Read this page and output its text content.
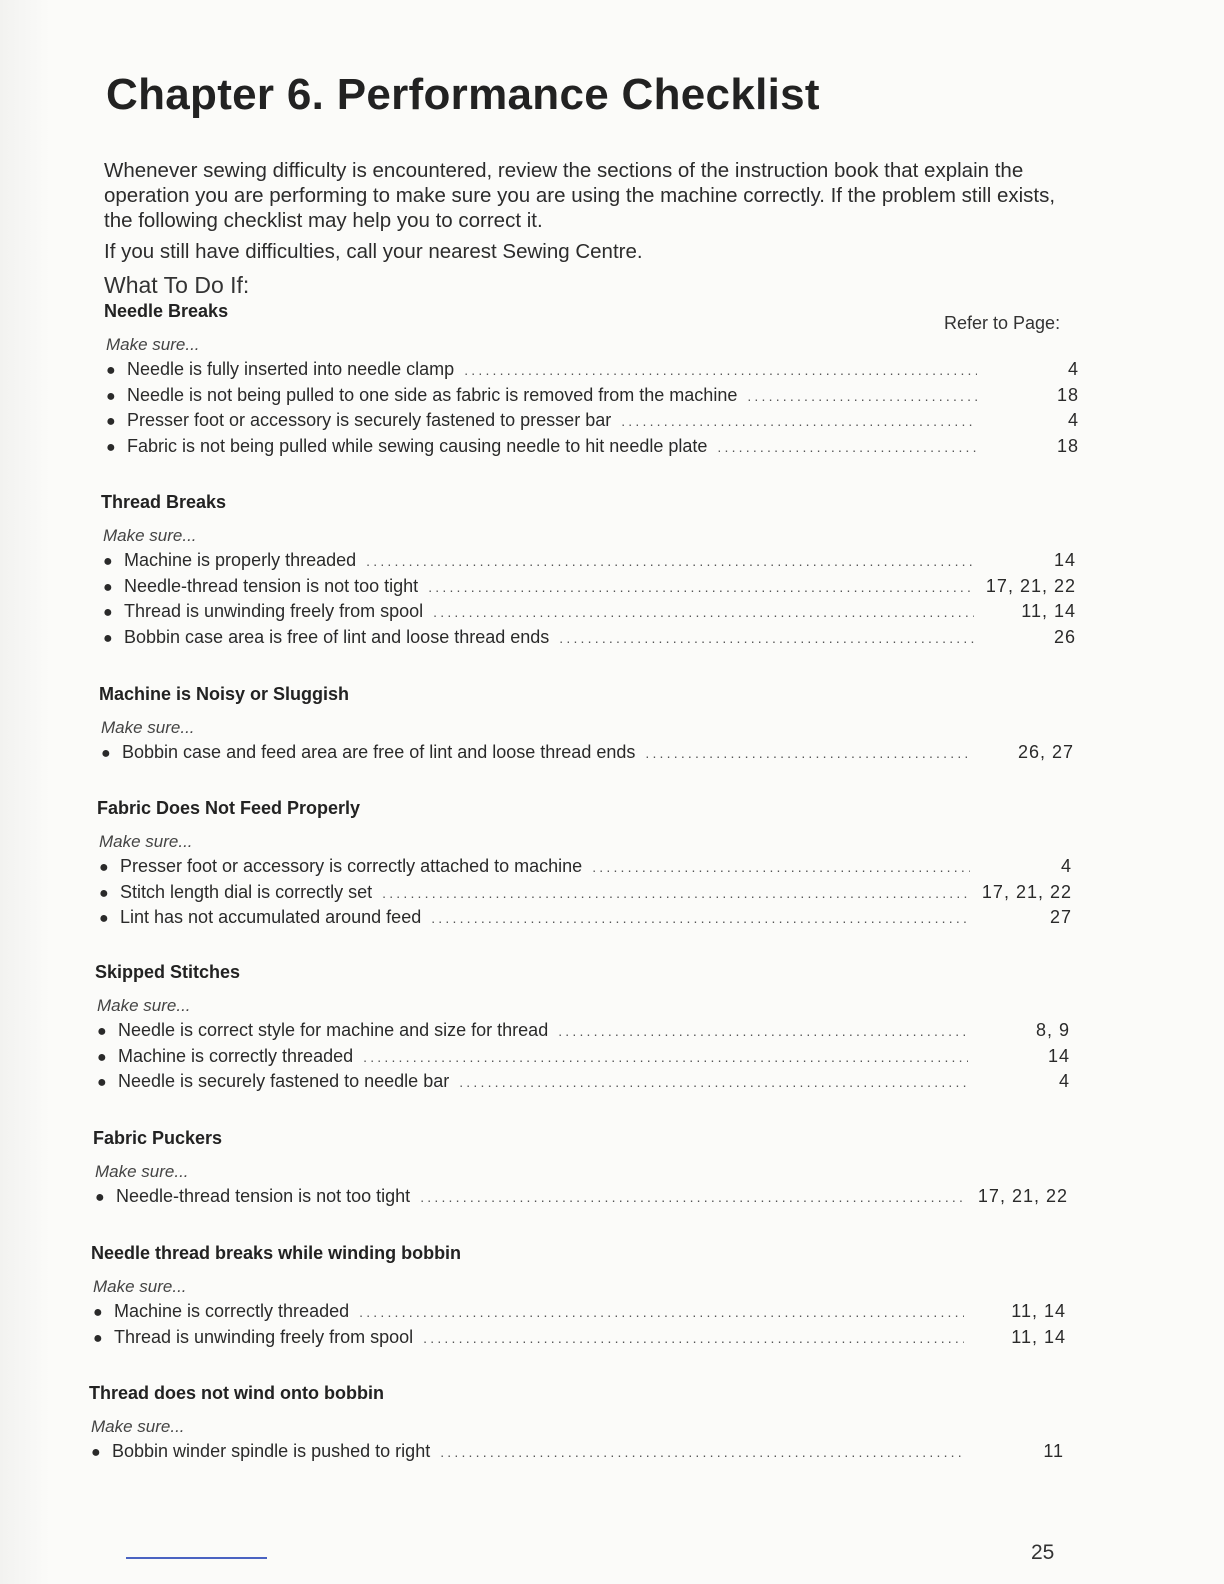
Chapter 6. Performance Checklist

Whenever sewing difficulty is encountered, review the sections of the instruction book that explain the operation you are performing to make sure you are using the machine correctly. If the problem still exists, the following checklist may help you to correct it.

If you still have difficulties, call your nearest Sewing Centre.

What To Do If:

Refer to Page:

Needle Breaks

Make sure...

● Needle is fully inserted into needle clamp .....	4
● Needle is not being pulled to one side as fabric is removed from the machine .....	18
● Presser foot or accessory is securely fastened to presser bar .....	4
● Fabric is not being pulled while sewing causing needle to hit needle plate .....	18

Thread Breaks

Make sure...

● Machine is properly threaded .....	14
● Needle-thread tension is not too tight .....	17, 21, 22
● Thread is unwinding freely from spool .....	11, 14
● Bobbin case area is free of lint and loose thread ends .....	26

Machine is Noisy or Sluggish

Make sure...

● Bobbin case and feed area are free of lint and loose thread ends .....	26, 27

Fabric Does Not Feed Properly

Make sure...

● Presser foot or accessory is correctly attached to machine .....	4
● Stitch length dial is correctly set .....	17, 21, 22
● Lint has not accumulated around feed .....	27

Skipped Stitches

Make sure...

● Needle is correct style for machine and size for thread .....	8, 9
● Machine is correctly threaded .....	14
● Needle is securely fastened to needle bar .....	4

Fabric Puckers

Make sure...

● Needle-thread tension is not too tight .....	17, 21, 22

Needle thread breaks while winding bobbin

Make sure...

● Machine is correctly threaded .....	11, 14
● Thread is unwinding freely from spool .....	11, 14

Thread does not wind onto bobbin

Make sure...

● Bobbin winder spindle is pushed to right .....	11

25
